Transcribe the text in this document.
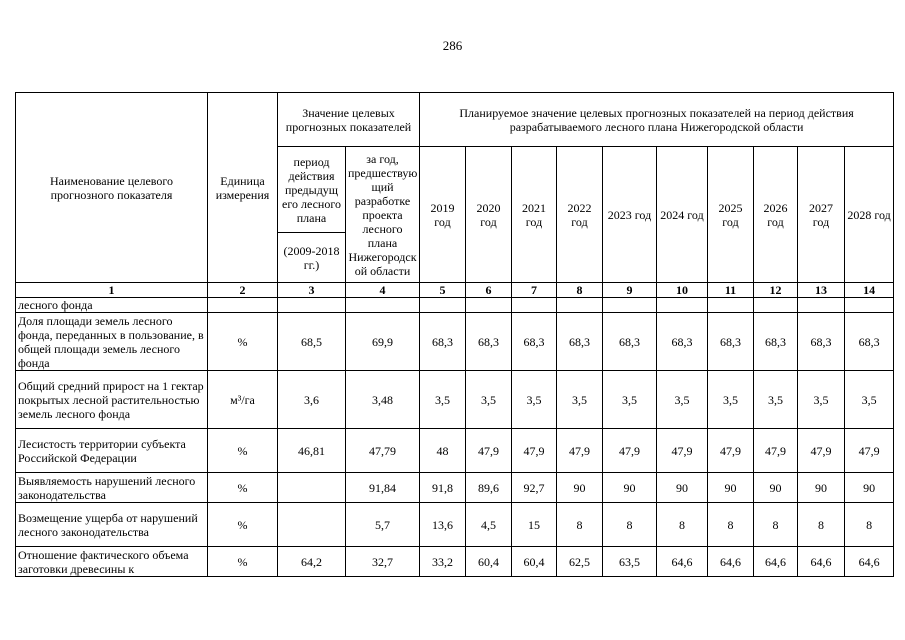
286
Наименование целевого прогнозного показателя	Единица измерения	Значение целевых прогнозных показателей		Планируемое значение целевых прогнозных показателей на период действия разрабатываемого лесного плана Нижегородской области									
		период действия предыдущ его лесного плана	за год, предшествую щий разработке проекта лесного плана Нижегородск ой области	2019 год	2020 год	2021 год	2022 год	2023 год	2024 год	2025 год	2026 год	2027 год	2028 год
		(2009-2018 гг.)											
1	2	3	4	5	6	7	8	9	10	11	12	13	14
лесного фонда													
Доля площади земель лесного фонда, переданных в пользование, в общей площади земель лесного фонда	%	68,5	69,9	68,3	68,3	68,3	68,3	68,3	68,3	68,3	68,3	68,3	68,3
Общий средний прирост на 1 гектар покрытых лесной растительностью земель лесного фонда	м³/га	3,6	3,48	3,5	3,5	3,5	3,5	3,5	3,5	3,5	3,5	3,5	3,5
Лесистость территории субъекта Российской Федерации	%	46,81	47,79	48	47,9	47,9	47,9	47,9	47,9	47,9	47,9	47,9	47,9
Выявляемость нарушений лесного законодательства	%		91,84	91,8	89,6	92,7	90	90	90	90	90	90	90
Возмещение ущерба от нарушений лесного законодательства	%		5,7	13,6	4,5	15	8	8	8	8	8	8	8
Отношение фактического объема заготовки древесины к	%	64,2	32,7	33,2	60,4	60,4	62,5	63,5	64,6	64,6	64,6	64,6	64,6
